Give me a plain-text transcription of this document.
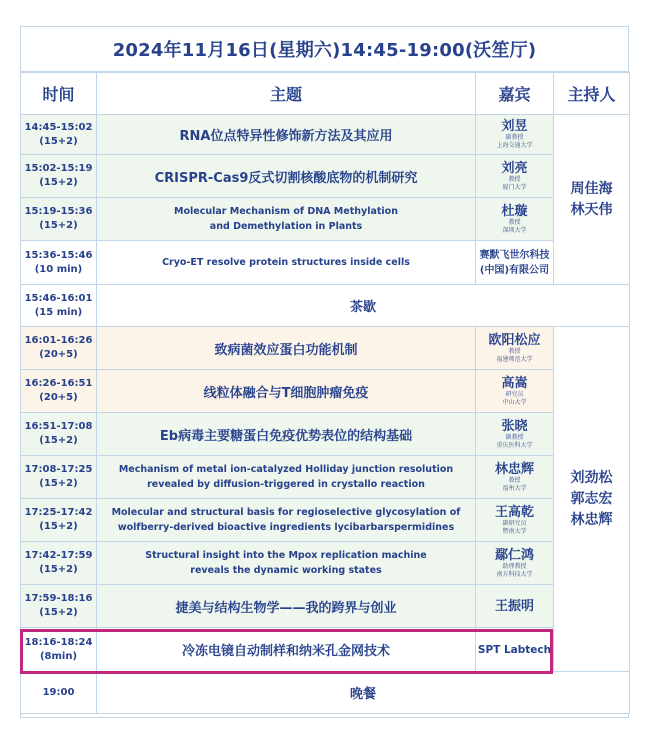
2024年11月16日(星期六)14:45-19:00(沃笙厅)
时间	主题	嘉宾	主持人

14:45-15:02
(15+2)	RNA位点特异性修饰新方法及其应用	刘昱
副教授
上海交通大学	周佳海
林天伟

15:02-15:19
(15+2)	CRISPR-Cas9反式切割核酸底物的机制研究	刘亮
教授
厦门大学	

15:19-15:36
(15+2)	Molecular Mechanism of DNA Methylation
and Demethylation in Plants	杜璇
教授
深圳大学	

15:36-15:46
(10 min)	Cryo-ET resolve protein structures inside cells	赛默飞世尔科技
(中国)有限公司	

15:46-16:01
(15 min)	茶歇		

16:01-16:26
(20+5)	致病菌效应蛋白功能机制	欧阳松应
教授
福建师范大学	刘劲松
郭志宏
林忠辉

16:26-16:51
(20+5)	线粒体融合与T细胞肿瘤免疫	高嵩
研究员
中山大学	

16:51-17:08
(15+2)	Eb病毒主要糖蛋白免疫优势表位的结构基础	张晓
副教授
重庆医科大学	

17:08-17:25
(15+2)	Mechanism of metal ion-catalyzed Holliday junction resolution
revealed by diffusion-triggered in crystallo reaction	林忠辉
教授
福州大学	

17:25-17:42
(15+2)	Molecular and structural basis for regioselective glycosylation of
wolfberry-derived bioactive ingredients lycibarbarspermidines	王高乾
副研究员
暨南大学	

17:42-17:59
(15+2)	Structural insight into the Mpox replication machine
reveals the dynamic working states	鄢仁鸿
助理教授
南方科技大学	

17:59-18:16
(15+2)	捷美与结构生物学——我的跨界与创业	王振明	

18:16-18:24
(8min)	冷冻电镜自动制样和纳米孔金网技术	SPT Labtech	

19:00	晚餐		
